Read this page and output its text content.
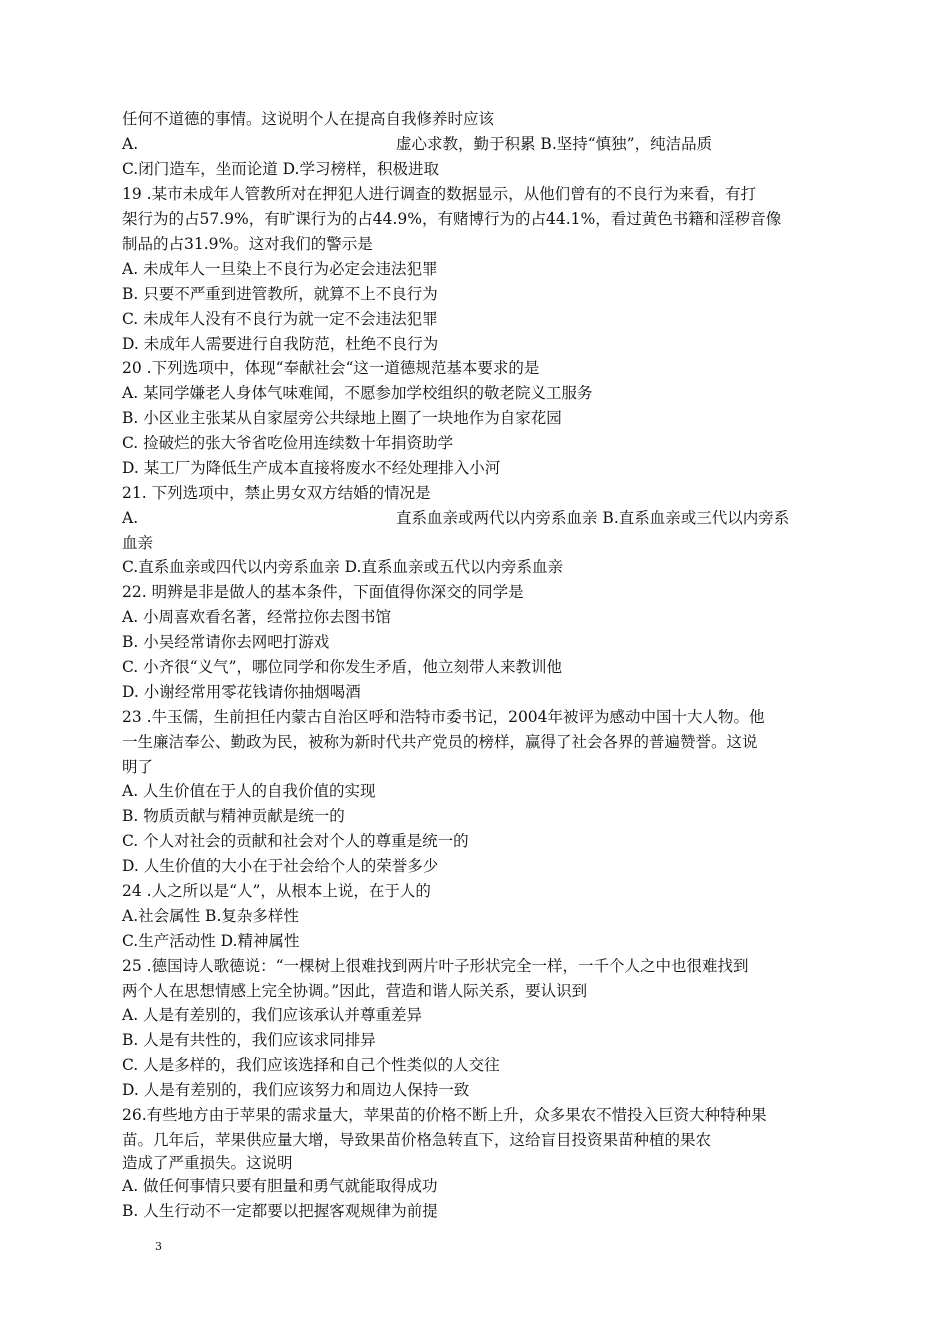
任何不道德的事情。这说明个人在提高自我修养时应该
A.	虚心求教，勤于积累 B.坚持“慎独”，纯洁品质
C.闭门造车，坐而论道 D.学习榜样，积极进取
19 .某市未成年人管教所对在押犯人进行调查的数据显示，从他们曾有的不良行为来看，有打
架行为的占57.9%，有旷课行为的占44.9%，有赌博行为的占44.1%，看过黄色书籍和淫秽音像
制品的占31.9%。这对我们的警示是
A. 未成年人一旦染上不良行为必定会违法犯罪
B. 只要不严重到进管教所，就算不上不良行为
C. 未成年人没有不良行为就一定不会违法犯罪
D. 未成年人需要进行自我防范，杜绝不良行为
20 .下列选项中，体现“奉献社会“这一道德规范基本要求的是
A. 某同学嫌老人身体气味难闻，不愿参加学校组织的敬老院义工服务
B. 小区业主张某从自家屋旁公共绿地上圈了一块地作为自家花园
C. 捡破烂的张大爷省吃俭用连续数十年捐资助学
D. 某工厂为降低生产成本直接将废水不经处理排入小河
21. 下列选项中，禁止男女双方结婚的情况是
A.	直系血亲或两代以内旁系血亲 B.直系血亲或三代以内旁系
血亲
C.直系血亲或四代以内旁系血亲 D.直系血亲或五代以内旁系血亲
22. 明辨是非是做人的基本条件，下面值得你深交的同学是
A. 小周喜欢看名著，经常拉你去图书馆
B. 小吴经常请你去网吧打游戏
C. 小齐很“义气”，哪位同学和你发生矛盾，他立刻带人来教训他
D. 小谢经常用零花钱请你抽烟喝酒
23 .牛玉儒，生前担任内蒙古自治区呼和浩特市委书记，2004年被评为感动中国十大人物。他
一生廉洁奉公、勤政为民，被称为新时代共产党员的榜样，赢得了社会各界的普遍赞誉。这说
明了
A. 人生价值在于人的自我价值的实现
B. 物质贡献与精神贡献是统一的
C. 个人对社会的贡献和社会对个人的尊重是统一的
D. 人生价值的大小在于社会给个人的荣誉多少
24 .人之所以是“人”，从根本上说，在于人的
A.社会属性 B.复杂多样性
C.生产活动性 D.精神属性
25 .德国诗人歌德说：“一棵树上很难找到两片叶子形状完全一样，一千个人之中也很难找到
两个人在思想情感上完全协调。”因此，营造和谐人际关系，要认识到
A. 人是有差别的，我们应该承认并尊重差异
B. 人是有共性的，我们应该求同排异
C. 人是多样的，我们应该选择和自己个性类似的人交往
D. 人是有差别的，我们应该努力和周边人保持一致
26.有些地方由于苹果的需求量大，苹果苗的价格不断上升，众多果农不惜投入巨资大种特种果
苗。几年后，苹果供应量大增，导致果苗价格急转直下，这给盲目投资果苗种植的果农
造成了严重损失。这说明
A. 做任何事情只要有胆量和勇气就能取得成功
B. 人生行动不一定都要以把握客观规律为前提
3
